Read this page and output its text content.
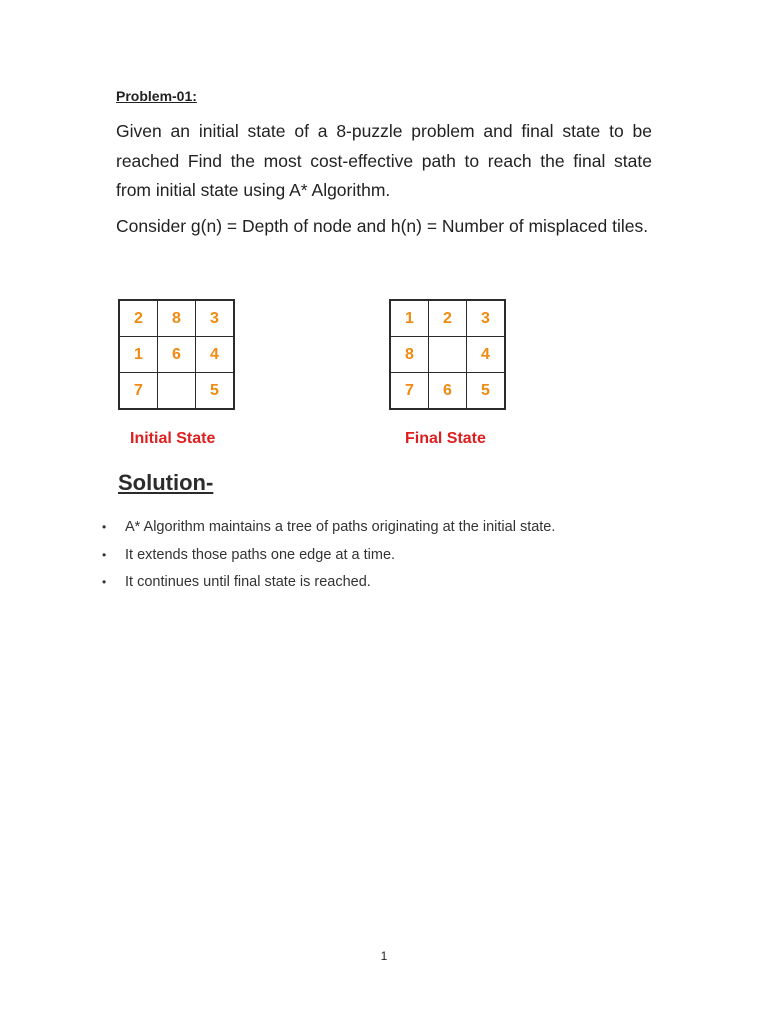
Problem-01:
Given an initial state of a 8-puzzle problem and final state to be reached Find the most cost-effective path to reach the final state from initial state using A* Algorithm.
Consider g(n) = Depth of node and h(n) = Number of misplaced tiles.
2	8	3
1	6	4
7		5
1	2	3
8		4
7	6	5
Initial State	Final State
Solution-
• A* Algorithm maintains a tree of paths originating at the initial state.
• It extends those paths one edge at a time.
• It continues until final state is reached.
1
